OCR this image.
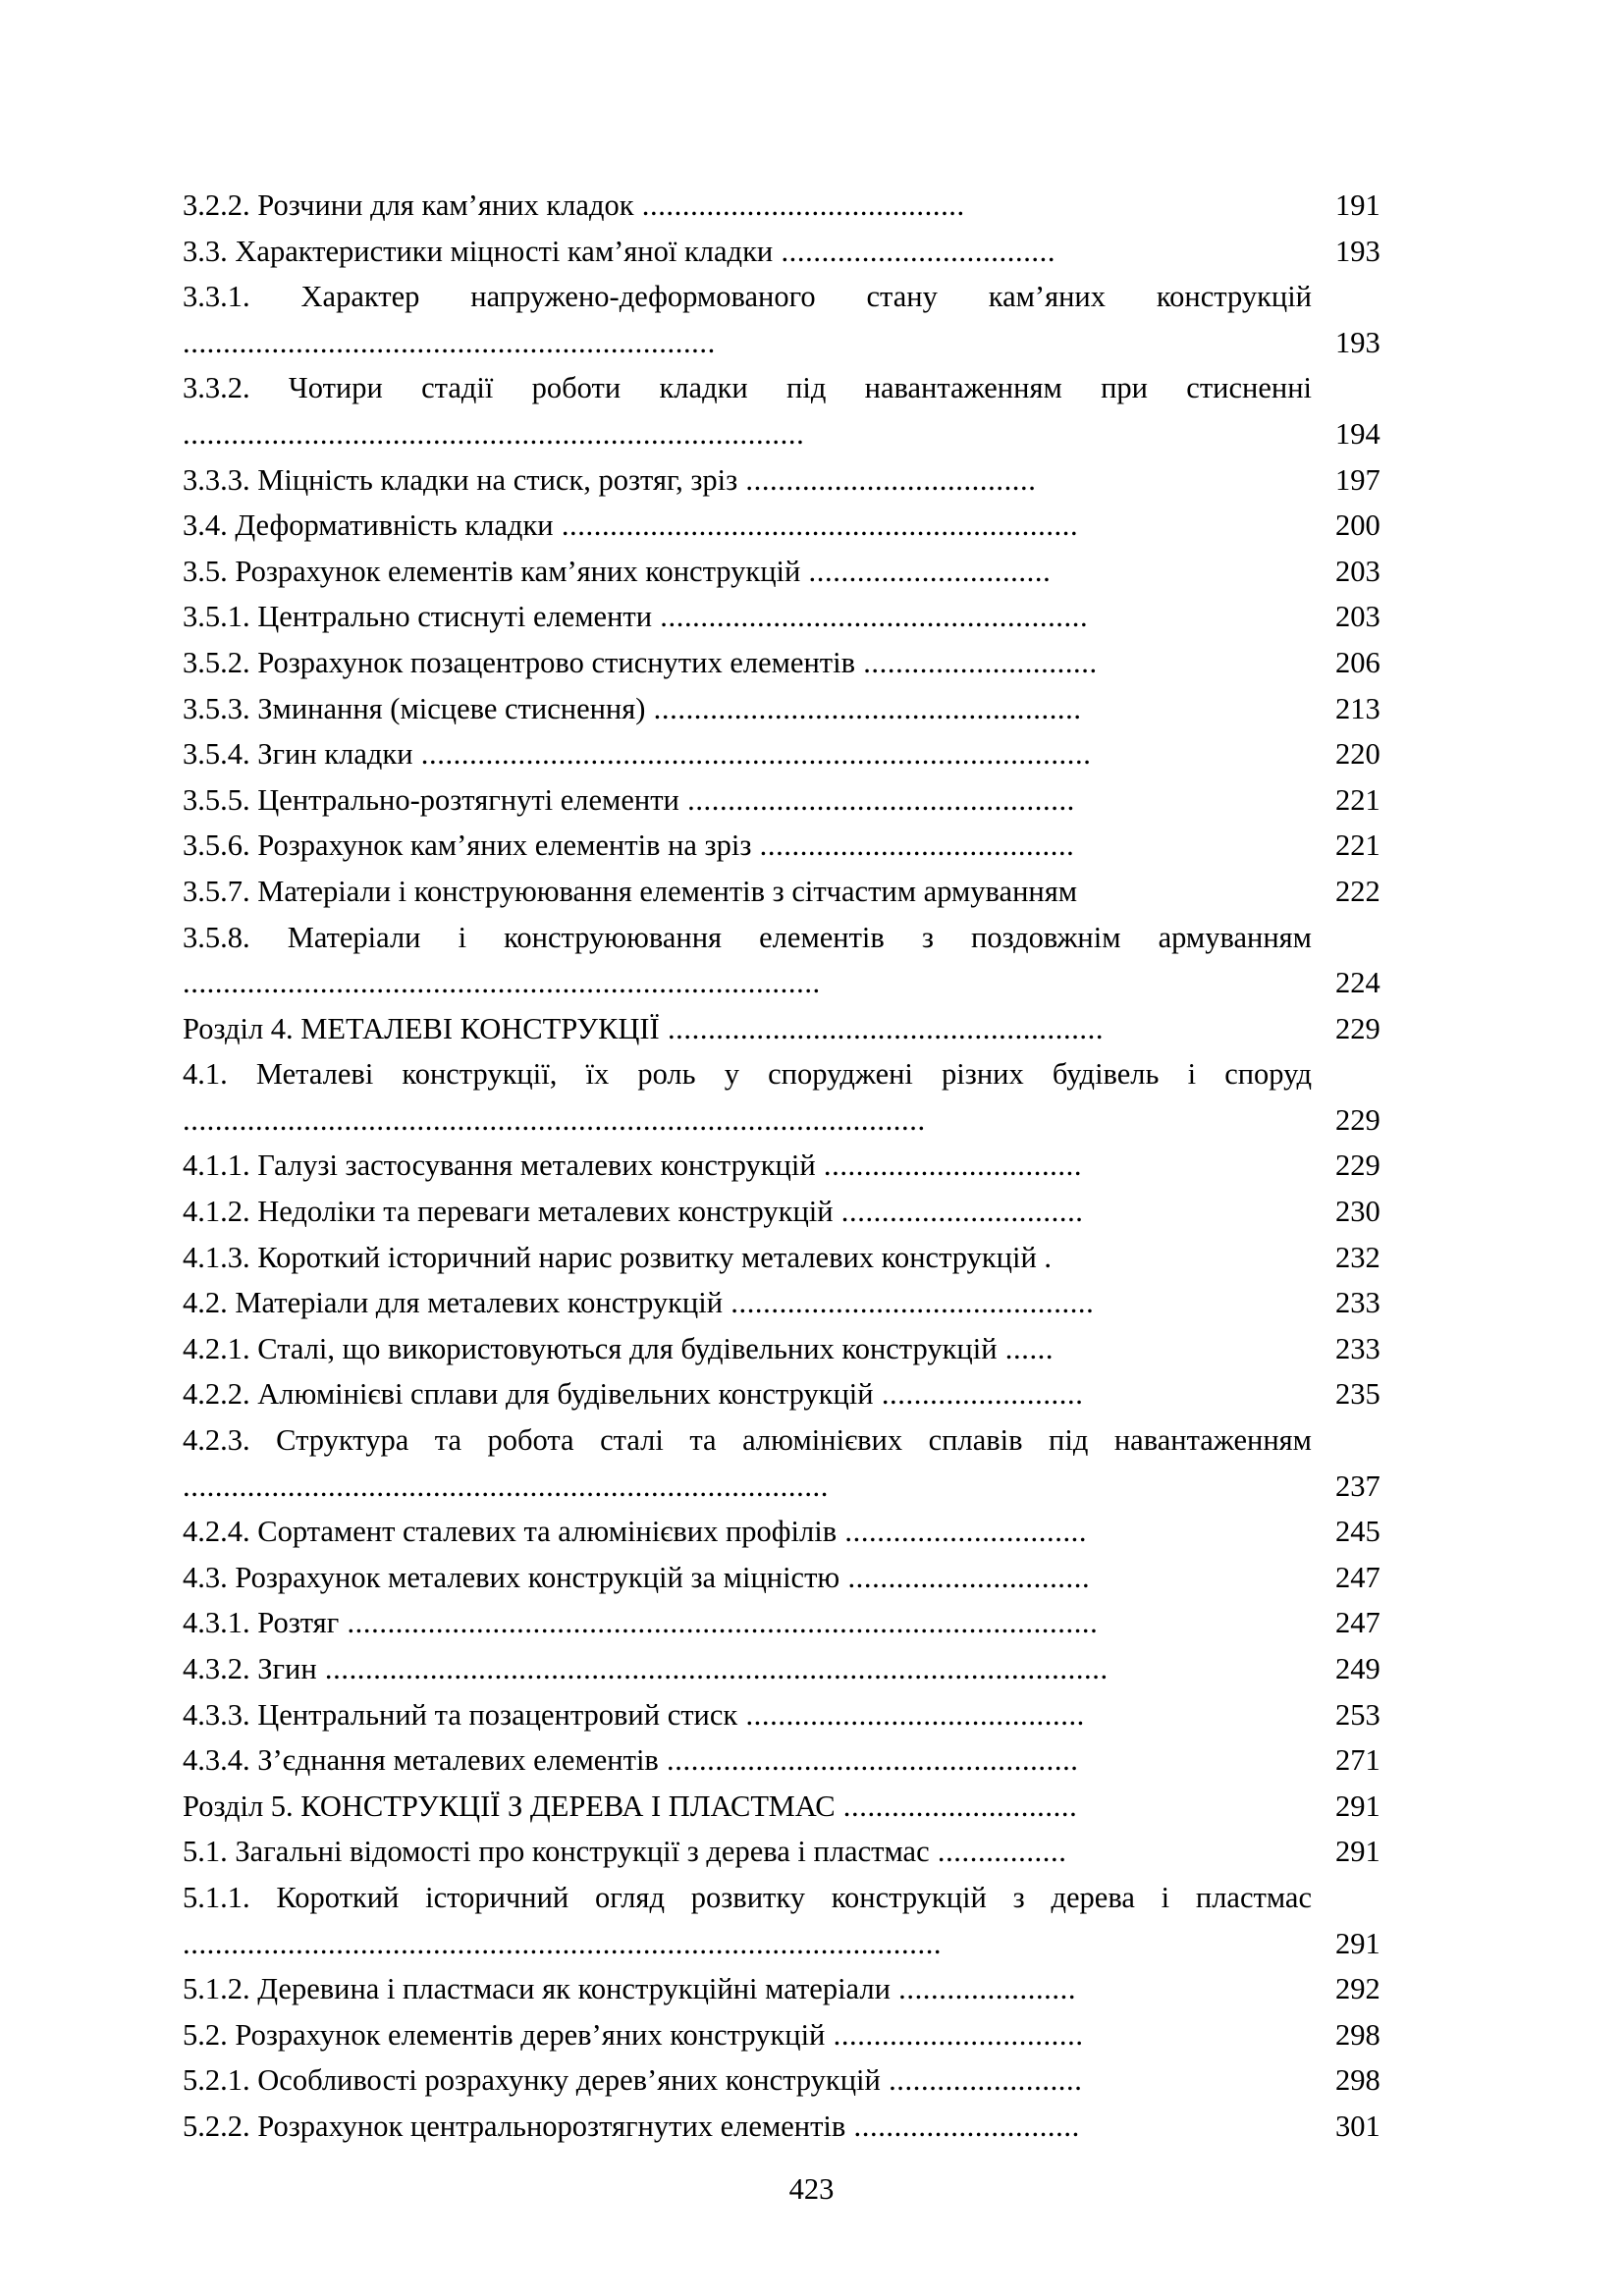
3.2.2. Розчини для кам’яних кладок ........................................	191
3.3. Характеристики міцності кам’яної кладки ..................................	193
3.3.1. Характер напружено-деформованого стану кам’яних конструкцій ..................................................................	193
3.3.2. Чотири стадії роботи кладки під навантаженням при стисненні .............................................................................	194
3.3.3. Міцність кладки на стиск, розтяг, зріз ....................................	197
3.4. Деформативність кладки ................................................................	200
3.5. Розрахунок елементів кам’яних конструкцій ..............................	203
3.5.1. Центрально стиснуті елементи .....................................................	203
3.5.2. Розрахунок позацентрово стиснутих елементів .............................	206
3.5.3. Зминання (місцеве стиснення) .....................................................	213
3.5.4. Згин кладки ...................................................................................	220
3.5.5. Центрально-розтягнуті елементи ................................................	221
3.5.6. Розрахунок кам’яних елементів на зріз .......................................	221
3.5.7. Матеріали і конструюювання елементів з сітчастим армуванням	222
3.5.8. Матеріали і конструюювання елементів з поздовжнім армуванням ...............................................................................	224
Розділ 4. МЕТАЛЕВІ КОНСТРУКЦІЇ ......................................................	229
4.1. Металеві конструкції, їх роль у споруджені різних будівель і споруд ............................................................................................	229
4.1.1. Галузі застосування металевих конструкцій ................................	229
4.1.2. Недоліки та переваги металевих конструкцій ..............................	230
4.1.3. Короткий історичний нарис розвитку металевих конструкцій .	232
4.2. Матеріали для металевих конструкцій .............................................	233
4.2.1. Сталі, що використовуються для будівельних конструкцій ......	233
4.2.2. Алюмінієві сплави для будівельних конструкцій .........................	235
4.2.3. Структура та робота сталі та алюмінієвих сплавів під навантаженням ................................................................................	237
4.2.4. Сортамент сталевих та алюмінієвих профілів ..............................	245
4.3. Розрахунок металевих конструкцій за міцністю ..............................	247
4.3.1. Розтяг .............................................................................................	247
4.3.2. Згин .................................................................................................	249
4.3.3. Центральний та позацентровий стиск ..........................................	253
4.3.4. З’єднання металевих елементів ...................................................	271
Розділ 5. КОНСТРУКЦІЇ З ДЕРЕВА І ПЛАСТМАС .............................	291
5.1. Загальні відомості про конструкції з дерева і пластмас ................	291
5.1.1. Короткий історичний огляд розвитку конструкцій з дерева і пластмас ..............................................................................................	291
5.1.2. Деревина і пластмаси як конструкційні матеріали ......................	292
5.2. Розрахунок елементів дерев’яних конструкцій ...............................	298
5.2.1. Особливості розрахунку дерев’яних конструкцій ........................	298
5.2.2. Розрахунок центральнорозтягнутих елементів ............................	301
423
